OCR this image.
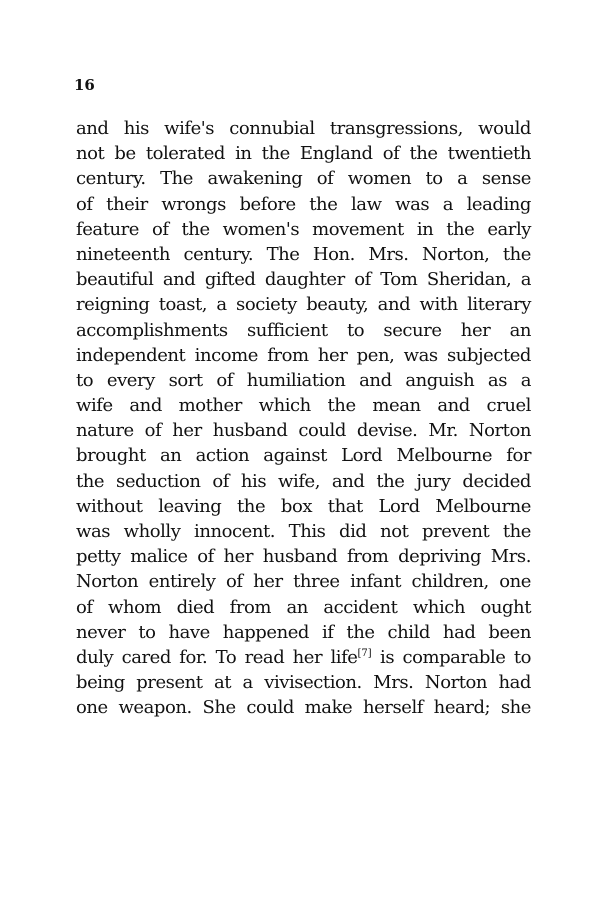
16
and his wife's connubial transgressions, would
not be tolerated in the England of the twentieth
century. The awakening of women to a sense
of their wrongs before the law was a leading
feature of the women's movement in the early
nineteenth century. The Hon. Mrs. Norton, the
beautiful and gifted daughter of Tom Sheridan, a
reigning toast, a society beauty, and with literary
accomplishments sufficient to secure her an
independent income from her pen, was subjected
to every sort of humiliation and anguish as a
wife and mother which the mean and cruel
nature of her husband could devise. Mr. Norton
brought an action against Lord Melbourne for
the seduction of his wife, and the jury decided
without leaving the box that Lord Melbourne
was wholly innocent. This did not prevent the
petty malice of her husband from depriving Mrs.
Norton entirely of her three infant children, one
of whom died from an accident which ought
never to have happened if the child had been
duly cared for. To read her life[7] is comparable to
being present at a vivisection. Mrs. Norton had
one weapon. She could make herself heard; she
